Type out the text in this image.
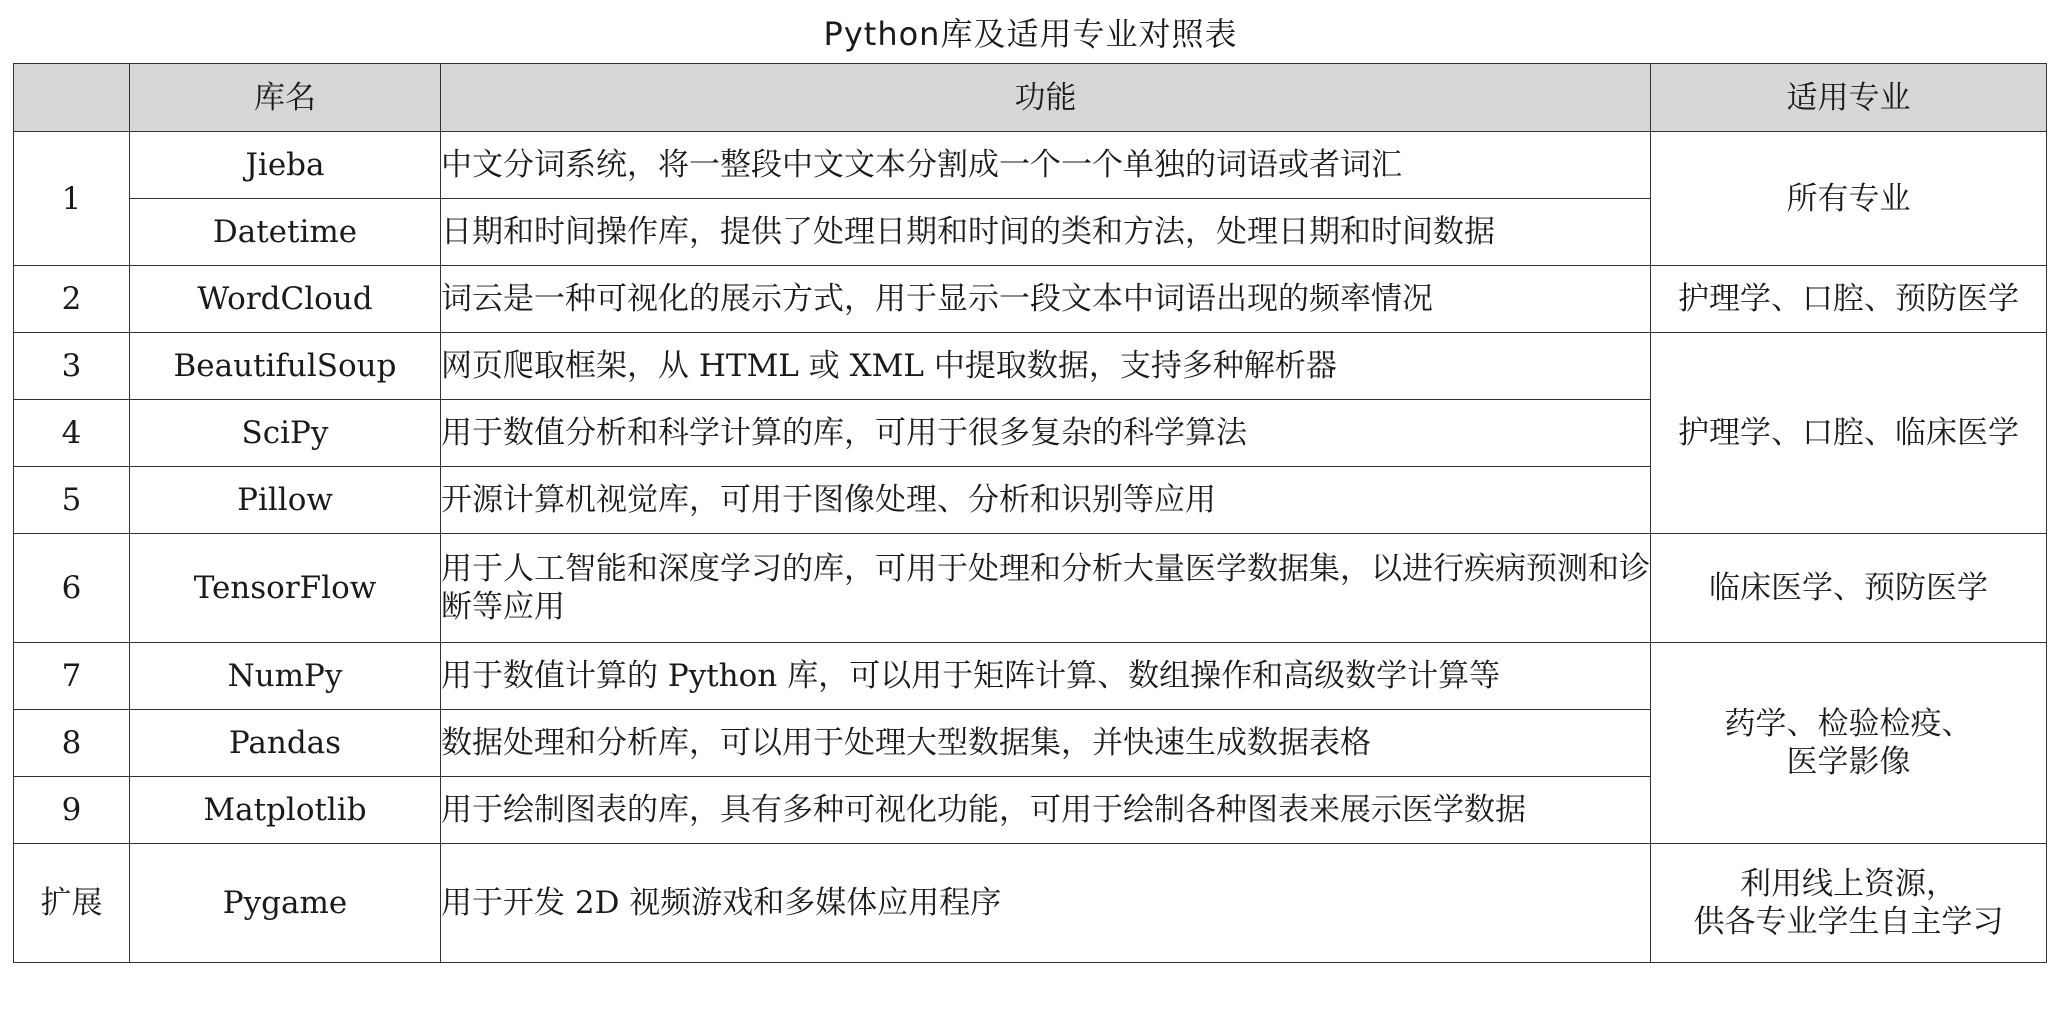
Python库及适用专业对照表
	库名	功能	适用专业
1	Jieba	中文分词系统，将一整段中文文本分割成一个一个单独的词语或者词汇	所有专业
	Datetime	日期和时间操作库，提供了处理日期和时间的类和方法，处理日期和时间数据	
2	WordCloud	词云是一种可视化的展示方式，用于显示一段文本中词语出现的频率情况	护理学、口腔、预防医学
3	BeautifulSoup	网页爬取框架，从 HTML 或 XML 中提取数据，支持多种解析器	护理学、口腔、临床医学
4	SciPy	用于数值分析和科学计算的库，可用于很多复杂的科学算法	
5	Pillow	开源计算机视觉库，可用于图像处理、分析和识别等应用	
6	TensorFlow	用于人工智能和深度学习的库，可用于处理和分析大量医学数据集，以进行疾病预测和诊断等应用	临床医学、预防医学
7	NumPy	用于数值计算的 Python 库，可以用于矩阵计算、数组操作和高级数学计算等	药学、检验检疫、
医学影像

8	Pandas	数据处理和分析库，可以用于处理大型数据集，并快速生成数据表格	
9	Matplotlib	用于绘制图表的库，具有多种可视化功能，可用于绘制各种图表来展示医学数据	
扩展	Pygame	用于开发 2D 视频游戏和多媒体应用程序	利用线上资源，
供各专业学生自主学习
